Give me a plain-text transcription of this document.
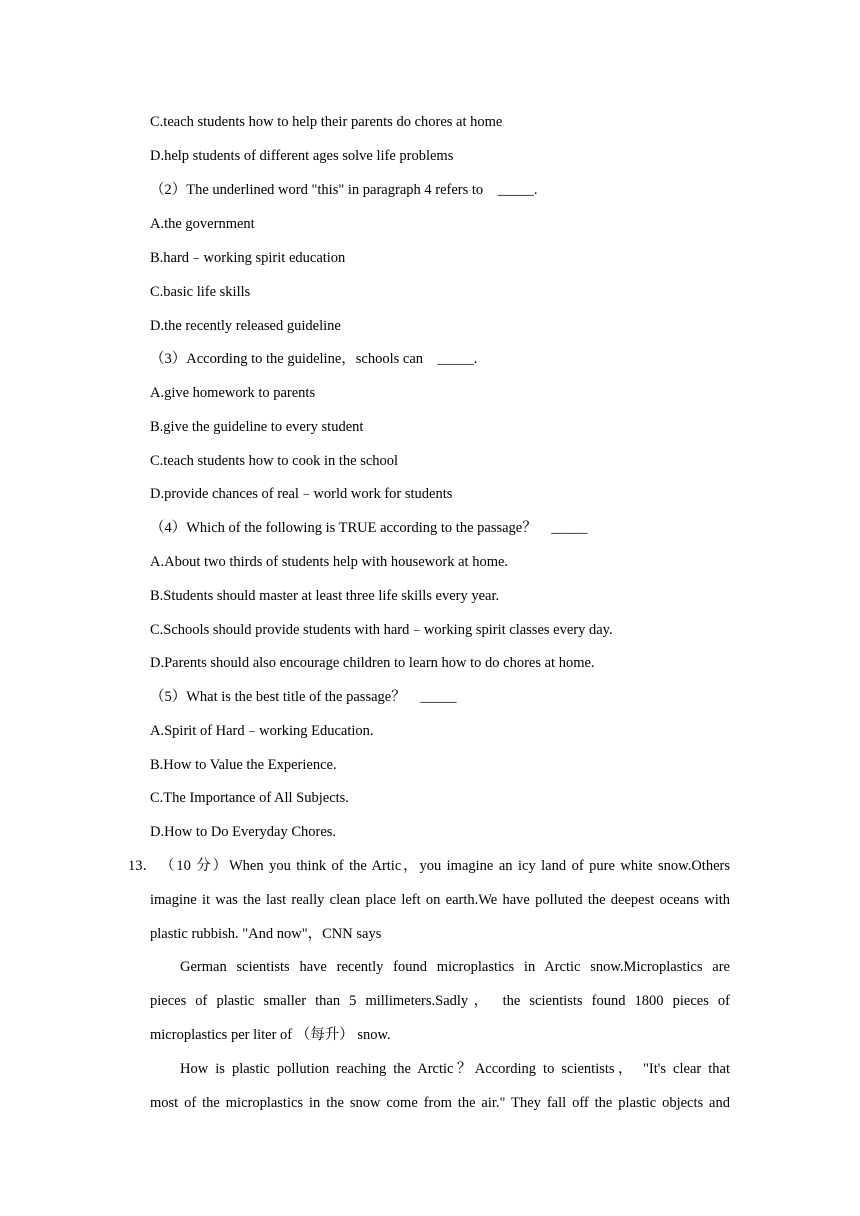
C.teach students how to help their parents do chores at home
D.help students of different ages solve life problems
（2）The underlined word "this" in paragraph 4 refers to　_____.
A.the government
B.hard﹣working spirit education
C.basic life skills
D.the recently released guideline
（3）According to the guideline，schools can　_____.
A.give homework to parents
B.give the guideline to every student
C.teach students how to cook in the school
D.provide chances of real﹣world work for students
（4）Which of the following is TRUE according to the passage？　_____
A.About two thirds of students help with housework at home.
B.Students should master at least three life skills every year.
C.Schools should provide students with hard﹣working spirit classes every day.
D.Parents should also encourage children to learn how to do chores at home.
（5）What is the best title of the passage？　_____
A.Spirit of Hard﹣working Education.
B.How to Value the Experience.
C.The Importance of All Subjects.
D.How to Do Everyday Chores.
13． （10 分）When you think of the Artic，you imagine an icy land of pure white snow.Others
imagine it was the last really clean place left on earth.We have polluted the deepest oceans with
plastic rubbish. "And now"，CNN says
German scientists have recently found microplastics in Arctic snow.Microplastics are
pieces of plastic smaller than 5 millimeters.Sadly， the scientists found 1800 pieces of
microplastics per liter of （每升） snow.
How is plastic pollution reaching the Arctic？According to scientists， "It's clear that
most of the microplastics in the snow come from the air." They fall off the plastic objects and
